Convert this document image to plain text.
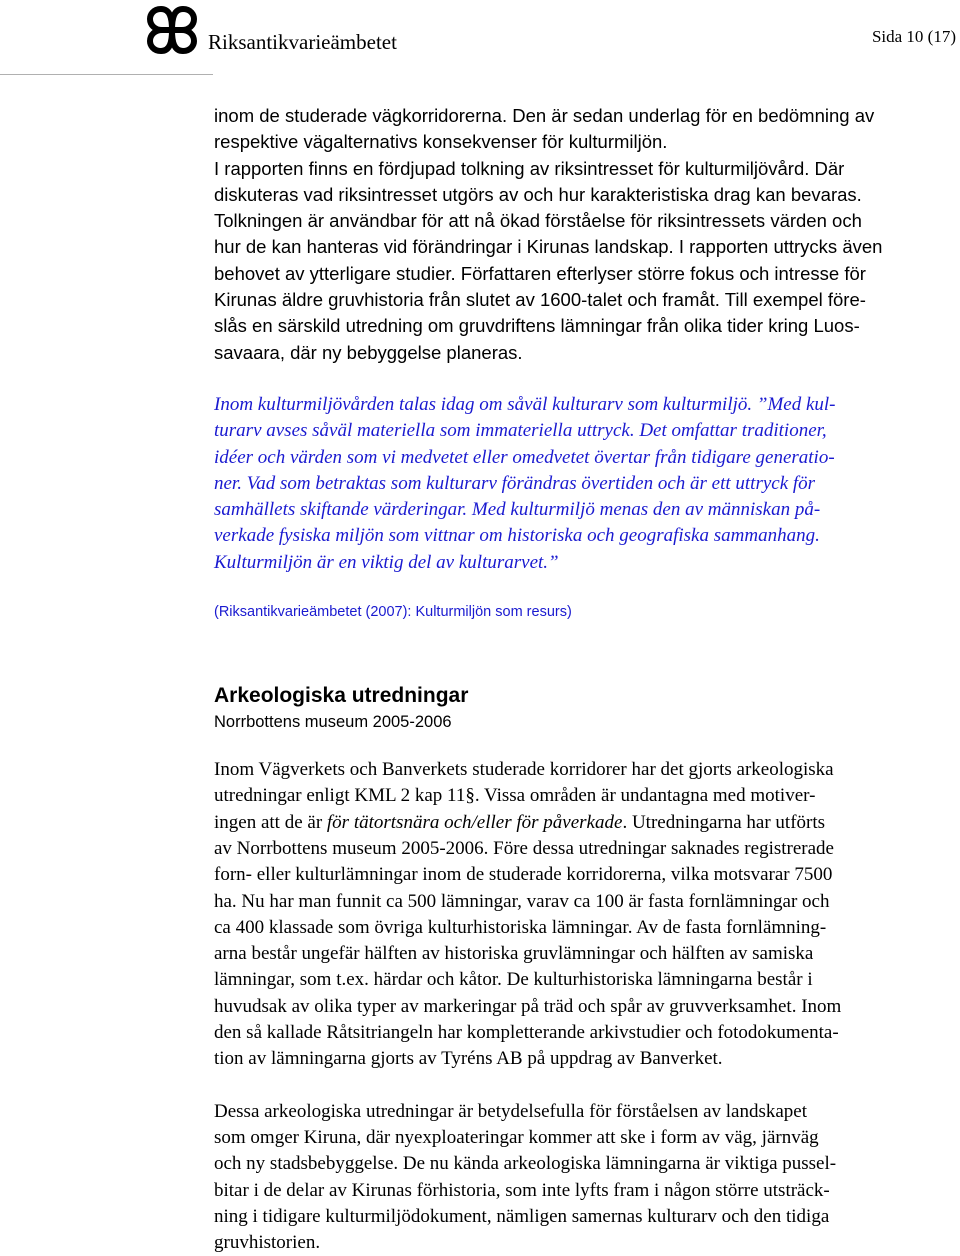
Riksantikvarieämbetet	Sida 10 (17)

inom de studerade vägkorridorerna. Den är sedan underlag för en bedömning av
respektive vägalternativs konsekvenser för kulturmiljön.
I rapporten finns en fördjupad tolkning av riksintresset för kulturmiljövård. Där
diskuteras vad riksintresset utgörs av och hur karakteristiska drag kan bevaras.
Tolkningen är användbar för att nå ökad förståelse för riksintressets värden och
hur de kan hanteras vid förändringar i Kirunas landskap. I rapporten uttrycks även
behovet av ytterligare studier. Författaren efterlyser större fokus och intresse för
Kirunas äldre gruvhistoria från slutet av 1600-talet och framåt. Till exempel före-
slås en särskild utredning om gruvdriftens lämningar från olika tider kring Luos-
savaara, där ny bebyggelse planeras.

Inom kulturmiljövården talas idag om såväl kulturarv som kulturmiljö. ”Med kul-
turarv avses såväl materiella som immateriella uttryck. Det omfattar traditioner,
idéer och värden som vi medvetet eller omedvetet övertar från tidigare generatio-
ner. Vad som betraktas som kulturarv förändras övertiden och är ett uttryck för
samhällets skiftande värderingar. Med kulturmiljö menas den av människan på-
verkade fysiska miljön som vittnar om historiska och geografiska sammanhang.
Kulturmiljön är en viktig del av kulturarvet.”

(Riksantikvarieämbetet (2007): Kulturmiljön som resurs)
Arkeologiska utredningar
Norrbottens museum 2005-2006

Inom Vägverkets och Banverkets studerade korridorer har det gjorts arkeologiska
utredningar enligt KML 2 kap 11§. Vissa områden är undantagna med motiver-
ingen att de är för tätortsnära och/eller för påverkade. Utredningarna har utförts
av Norrbottens museum 2005-2006. Före dessa utredningar saknades registrerade
forn- eller kulturlämningar inom de studerade korridorerna, vilka motsvarar 7500
ha. Nu har man funnit ca 500 lämningar, varav ca 100 är fasta fornlämningar och
ca 400 klassade som övriga kulturhistoriska lämningar. Av de fasta fornlämning-
arna består ungefär hälften av historiska gruvlämningar och hälften av samiska
lämningar, som t.ex. härdar och kåtor. De kulturhistoriska lämningarna består i
huvudsak av olika typer av markeringar på träd och spår av gruvverksamhet. Inom
den så kallade Råtsitriangeln har kompletterande arkivstudier och fotodokumenta-
tion av lämningarna gjorts av Tyréns AB på uppdrag av Banverket.

Dessa arkeologiska utredningar är betydelsefulla för förståelsen av landskapet
som omger Kiruna, där nyexploateringar kommer att ske i form av väg, järnväg
och ny stadsbebyggelse. De nu kända arkeologiska lämningarna är viktiga pussel-
bitar i de delar av Kirunas förhistoria, som inte lyfts fram i någon större utsträck-
ning i tidigare kulturmiljödokument, nämligen samernas kulturarv och den tidiga
gruvhistorien.
